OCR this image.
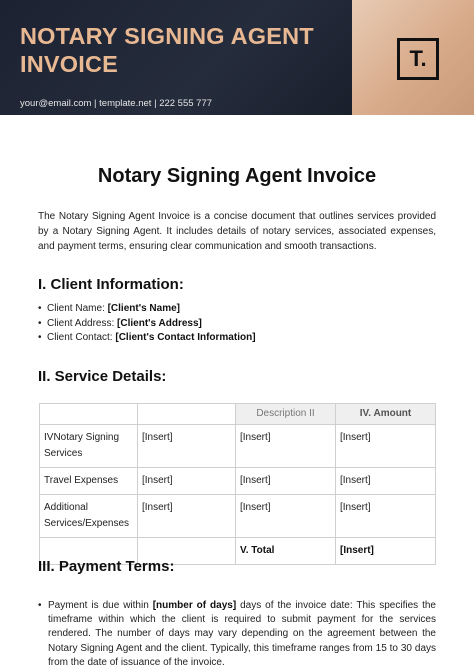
NOTARY SIGNING AGENT INVOICE
your@email.com | template.net | 222 555 777
T.
Notary Signing Agent Invoice

The Notary Signing Agent Invoice is a concise document that outlines services provided by a Notary Signing Agent. It includes details of notary services, associated expenses, and payment terms, ensuring clear communication and smooth transactions.

I. Client Information:
• Client Name: [Client's Name]
• Client Address: [Client's Address]
• Client Contact: [Client's Contact Information]
II. Service Details:
		Description II	IV. Amount
IVNotary Signing Services	[Insert]	[Insert]	[Insert]
Travel Expenses	[Insert]	[Insert]	[Insert]
Additional Services/Expenses	[Insert]	[Insert]	[Insert]
		V. Total	[Insert]
III. Payment Terms:
• Payment is due within [number of days] days of the invoice date: This specifies the timeframe within which the client is required to submit payment for the services rendered. The number of days may vary depending on the agreement between the Notary Signing Agent and the client. Typically, this timeframe ranges from 15 to 30 days from the date of issuance of the invoice.
